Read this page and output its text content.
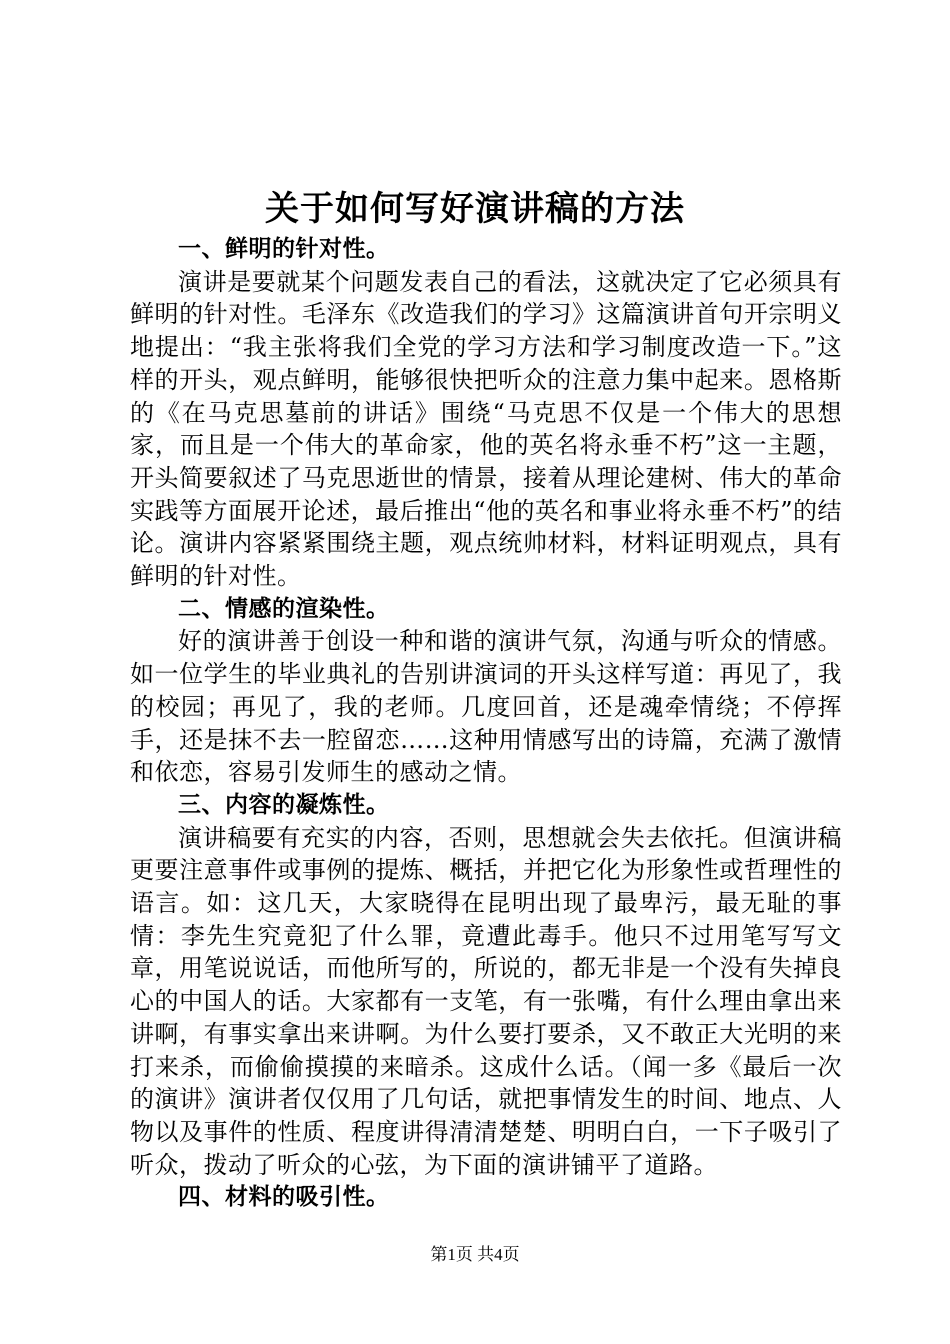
关于如何写好演讲稿的方法

一、鲜明的针对性。

演讲是要就某个问题发表自己的看法，这就决定了它必须具有鲜明的针对性。毛泽东《改造我们的学习》这篇演讲首句开宗明义地提出：“我主张将我们全党的学习方法和学习制度改造一下。”这样的开头，观点鲜明，能够很快把听众的注意力集中起来。恩格斯的《在马克思墓前的讲话》围绕“马克思不仅是一个伟大的思想家，而且是一个伟大的革命家，他的英名将永垂不朽”这一主题，开头简要叙述了马克思逝世的情景，接着从理论建树、伟大的革命实践等方面展开论述，最后推出“他的英名和事业将永垂不朽”的结论。演讲内容紧紧围绕主题，观点统帅材料，材料证明观点，具有鲜明的针对性。

二、情感的渲染性。

好的演讲善于创设一种和谐的演讲气氛，沟通与听众的情感。如一位学生的毕业典礼的告别讲演词的开头这样写道：再见了，我的校园；再见了，我的老师。几度回首，还是魂牵情绕；不停挥手，还是抹不去一腔留恋……这种用情感写出的诗篇，充满了激情和依恋，容易引发师生的感动之情。

三、内容的凝炼性。

演讲稿要有充实的内容，否则，思想就会失去依托。但演讲稿更要注意事件或事例的提炼、概括，并把它化为形象性或哲理性的语言。如：这几天，大家晓得在昆明出现了最卑污，最无耻的事情：李先生究竟犯了什么罪，竟遭此毒手。他只不过用笔写写文章，用笔说说话，而他所写的，所说的，都无非是一个没有失掉良心的中国人的话。大家都有一支笔，有一张嘴，有什么理由拿出来讲啊，有事实拿出来讲啊。为什么要打要杀，又不敢正大光明的来打来杀，而偷偷摸摸的来暗杀。这成什么话。（闻一多《最后一次的演讲》演讲者仅仅用了几句话，就把事情发生的时间、地点、人物以及事件的性质、程度讲得清清楚楚、明明白白，一下子吸引了听众，拨动了听众的心弦，为下面的演讲铺平了道路。

四、材料的吸引性。

第1页 共4页
